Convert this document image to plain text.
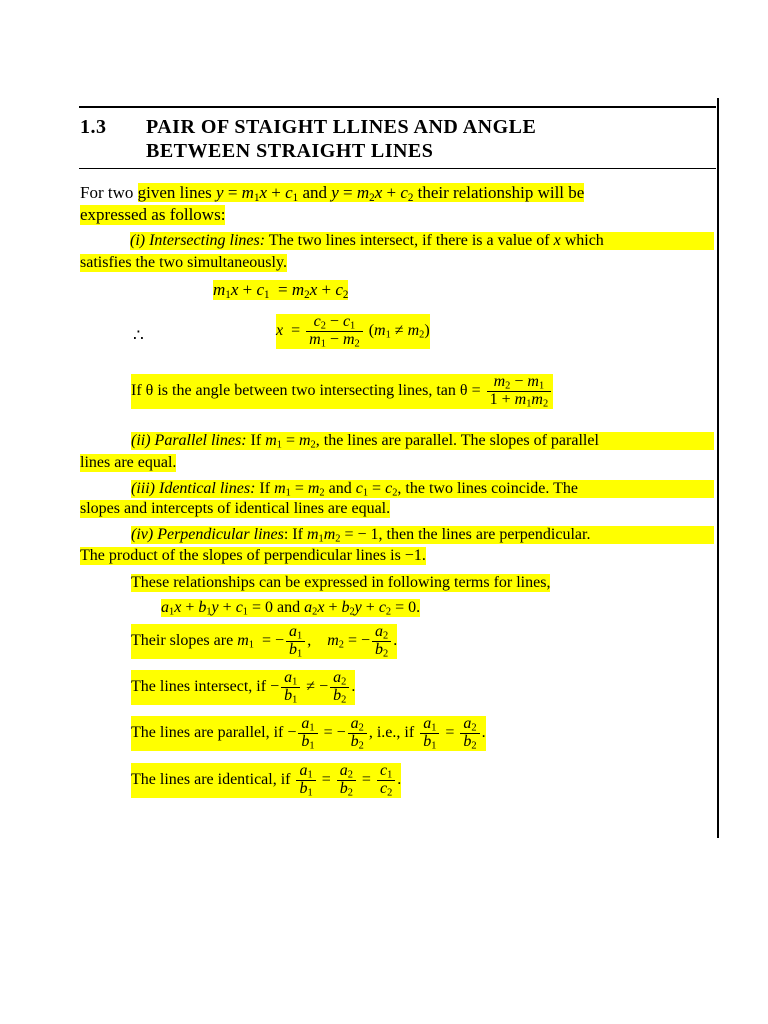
1.3 PAIR OF STAIGHT LLINES AND ANGLE
BETWEEN STRAIGHT LINES
For two given lines $y = m_1x + c_1$ and $y = m_2x + c_2$ their relationship will be
expressed as follows:
(i) Intersecting lines: The two lines intersect, if there is a value of x which
satisfies the two simultaneously.
$m_1x + c_1 = m_2x + c_2$
∴	$x = \frac{c_2 - c_1}{m_1 - m_2} (m_1 \ne m_2)$
If θ is the angle between two intersecting lines, $\tan \theta = \frac{m_2 - m_1}{1 + m_1m_2}$
(ii) Parallel lines: If $m_1 = m_2$, the lines are parallel. The slopes of parallel
lines are equal.
(iii) Identical lines: If $m_1 = m_2$ and $c_1 = c_2$, the two lines coincide. The
slopes and intercepts of identical lines are equal.
(iv) Perpendicular lines: If $m_1m_2$ = − 1, then the lines are perpendicular.
The product of the slopes of perpendicular lines is −1.
These relationships can be expressed in following terms for lines,
$a_1x + b_1y + c_1 = 0$ and $a_2x + b_2y + c_2 = 0$.
Their slopes are $m_1$  = − $\frac{a_1}{b_1}$ ,    $m_2$ = − $\frac{a_2}{b_2}$ .
The lines intersect, if − $\frac{a_1}{b_1}$ ≠ − $\frac{a_2}{b_2}$ .
The lines are parallel, if − $\frac{a_1}{b_1}$ = − $\frac{a_2}{b_2}$ , i.e., if $\frac{a_1}{b_1} = \frac{a_2}{b_2}$ .
The lines are identical, if $\frac{a_1}{b_1} = \frac{a_2}{b_2} = \frac{c_1}{c_2}$ .
